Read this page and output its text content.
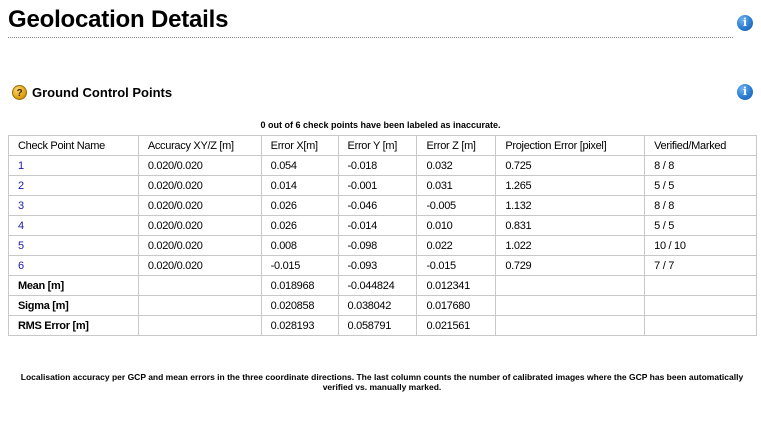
Geolocation Details	i
? Ground Control Points	i
0 out of 6 check points have been labeled as inaccurate.
Check Point Name	Accuracy XY/Z [m]	Error X[m]	Error Y [m]	Error Z [m]	Projection Error [pixel]	Verified/Marked
1	0.020/0.020	0.054	-0.018	0.032	0.725	8 / 8
2	0.020/0.020	0.014	-0.001	0.031	1.265	5 / 5
3	0.020/0.020	0.026	-0.046	-0.005	1.132	8 / 8
4	0.020/0.020	0.026	-0.014	0.010	0.831	5 / 5
5	0.020/0.020	0.008	-0.098	0.022	1.022	10 / 10
6	0.020/0.020	-0.015	-0.093	-0.015	0.729	7 / 7
Mean [m]		0.018968	-0.044824	0.012341		
Sigma [m]		0.020858	0.038042	0.017680		
RMS Error [m]		0.028193	0.058791	0.021561		
Localisation accuracy per GCP and mean errors in the three coordinate directions. The last column counts the number of calibrated images where the GCP has been automatically verified vs. manually marked.
